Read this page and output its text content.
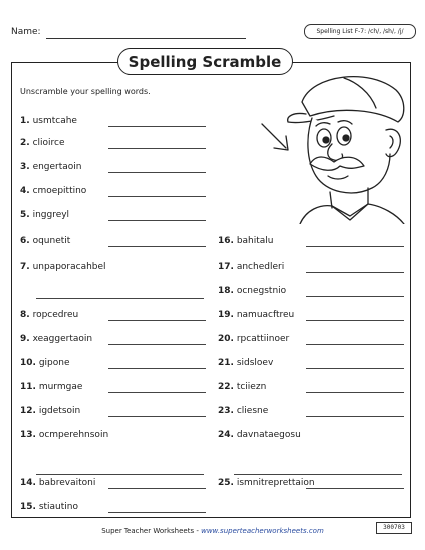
Name:	Spelling List F-7: /ch/, /sh/, /j/
Spelling Scramble
Unscramble your spelling words.
1. usmtcahe
2. clioirce
3. engertaoin
4. cmoepittino
5. inggreyl
6. oqunetit
7. unpaporacahbel
8. ropcedreu
9. xeaggertaoin
10. gipone
11. murmgae
12. igdetsoin
13. ocmperehnsoin
14. babrevaitoni
15. stiautino
16. bahitalu
17. anchedleri
18. ocnegstnio
19. namuacftreu
20. rpcattiinoer
21. sidsloev
22. tciiezn
23. cliesne
24. davnataegosu
25. ismnitreprettaion
Super Teacher Worksheets - www.superteacherworksheets.com	300703
